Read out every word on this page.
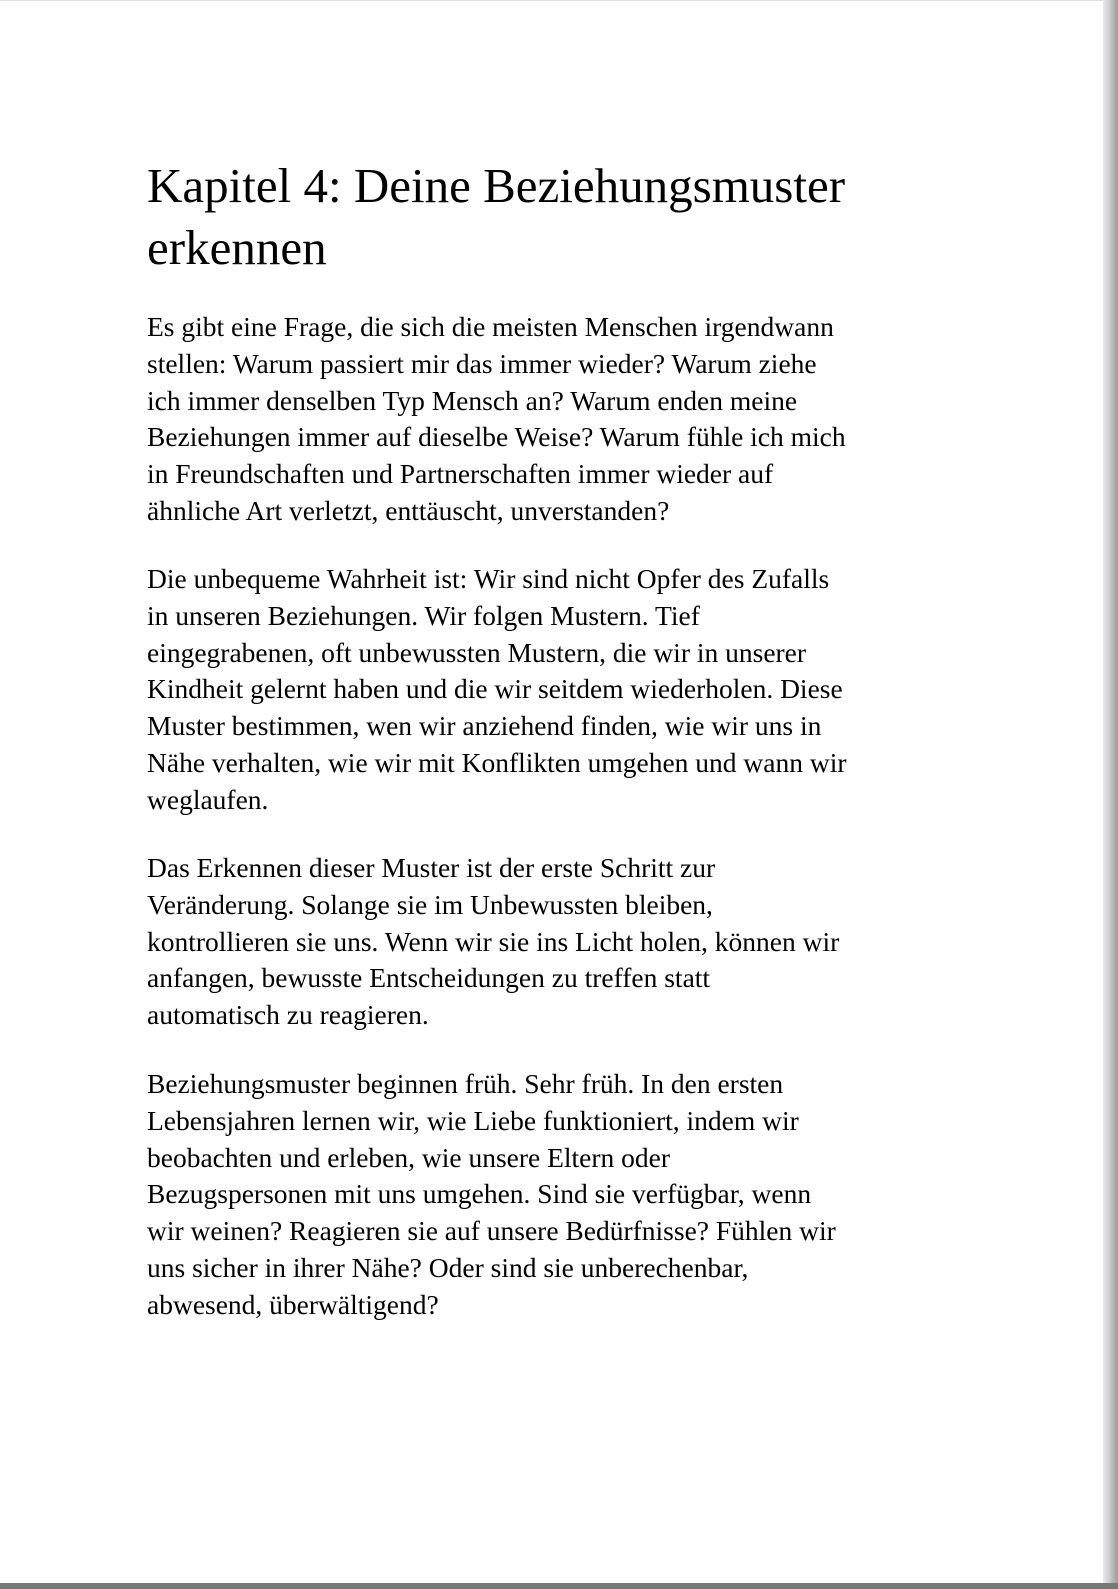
Kapitel 4: Deine Beziehungsmuster
erkennen

Es gibt eine Frage, die sich die meisten Menschen irgendwann
stellen: Warum passiert mir das immer wieder? Warum ziehe
ich immer denselben Typ Mensch an? Warum enden meine
Beziehungen immer auf dieselbe Weise? Warum fühle ich mich
in Freundschaften und Partnerschaften immer wieder auf
ähnliche Art verletzt, enttäuscht, unverstanden?

Die unbequeme Wahrheit ist: Wir sind nicht Opfer des Zufalls
in unseren Beziehungen. Wir folgen Mustern. Tief
eingegrabenen, oft unbewussten Mustern, die wir in unserer
Kindheit gelernt haben und die wir seitdem wiederholen. Diese
Muster bestimmen, wen wir anziehend finden, wie wir uns in
Nähe verhalten, wie wir mit Konflikten umgehen und wann wir
weglaufen.

Das Erkennen dieser Muster ist der erste Schritt zur
Veränderung. Solange sie im Unbewussten bleiben,
kontrollieren sie uns. Wenn wir sie ins Licht holen, können wir
anfangen, bewusste Entscheidungen zu treffen statt
automatisch zu reagieren.

Beziehungsmuster beginnen früh. Sehr früh. In den ersten
Lebensjahren lernen wir, wie Liebe funktioniert, indem wir
beobachten und erleben, wie unsere Eltern oder
Bezugspersonen mit uns umgehen. Sind sie verfügbar, wenn
wir weinen? Reagieren sie auf unsere Bedürfnisse? Fühlen wir
uns sicher in ihrer Nähe? Oder sind sie unberechenbar,
abwesend, überwältigend?
